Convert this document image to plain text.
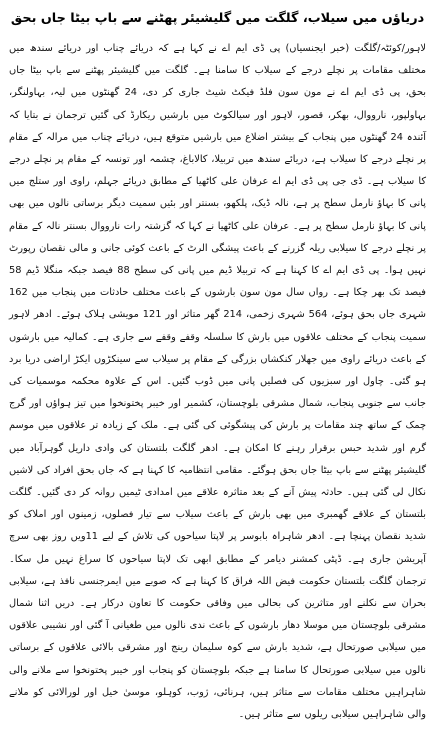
دریاؤں میں سیلاب، گلگت میں گلیشیئر پھٹنے سے باپ بیٹا جاں بحق

لاہور/کوئٹہ/گلگت (خبر ایجنسیاں) پی ڈی ایم اے نے کہا ہے کہ دریائے چناب اور دریائے سندھ میں مختلف مقامات پر نچلے درجے کے سیلاب کا سامنا ہے۔ گلگت میں گلیشیئر پھٹنے سے باپ بیٹا جاں بحق، پی ڈی ایم اے نے مون سون فلڈ فیکٹ شیٹ جاری کر دی، 24 گھنٹوں میں لیہ، بہاولنگر، بہاولپور، نارووال، بھکر، قصور، لاہور اور سیالکوٹ میں بارشیں ریکارڈ کی گئیں ترجمان نے بتایا کہ آئندہ 24 گھنٹوں میں پنجاب کے بیشتر اضلاع میں بارشیں متوقع ہیں، دریائے چناب میں مرالہ کے مقام پر نچلے درجے کا سیلاب ہے، دریائے سندھ میں تربیلا، کالاباغ، چشمہ اور تونسہ کے مقام پر نچلے درجے کا سیلاب ہے۔ ڈی جی پی ڈی ایم اے عرفان علی کاٹھیا کے مطابق دریائے جہلم، راوی اور ستلج میں پانی کا بہاؤ نارمل سطح پر ہے، نالہ ڈیک، پلکھو، بسنتر اور بئیں سمیت دیگر برساتی نالوں میں بھی پانی کا بہاؤ نارمل سطح پر ہے۔ عرفان علی کاٹھیا نے کہا کہ گزشتہ رات نارووال بسنتر نالہ کے مقام پر نچلے درجے کا سیلابی ریلہ گزرنے کے باعث پیشگی الرٹ کے باعث کوئی جانی و مالی نقصان رپورٹ نہیں ہوا۔ پی ڈی ایم اے کا کہنا ہے کہ تربیلا ڈیم میں پانی کی سطح 88 فیصد جبکہ منگلا ڈیم 58 فیصد تک بھر چکا ہے۔ رواں سال مون سون بارشوں کے باعث مختلف حادثات میں پنجاب میں 162 شہری جاں بحق ہوئے، 564 شہری زخمی، 214 گھر متاثر اور 121 مویشی ہلاک ہوئے۔ ادھر لاہور سمیت پنجاب کے مختلف علاقوں میں بارش کا سلسلہ وقفے وقفے سے جاری ہے۔ کمالیہ میں بارشوں کے باعث دریائے راوی میں جھلار کنکشاں بزرگی کے مقام پر سیلاب سے سینکڑوں ایکڑ اراضی دریا برد ہو گئی۔ چاول اور سبزیوں کی فصلیں پانی میں ڈوب گئیں۔ اس کے علاوہ محکمہ موسمیات کی جانب سے جنوبی پنجاب، شمال مشرقی بلوچستان، کشمیر اور خیبر پختونخوا میں تیز ہواؤں اور گرج چمک کے ساتھ چند مقامات پر بارش کی پیشگوئی کی گئی ہے۔ ملک کے زیادہ تر علاقوں میں موسم گرم اور شدید حبس برقرار رہنے کا امکان ہے۔ ادھر گلگت بلتستان کی وادی داریل گوہرآباد میں گلیشیئر پھٹنے سے باپ بیٹا جاں بحق ہوگئے۔ مقامی انتظامیہ کا کہنا ہے کہ جاں بحق افراد کی لاشیں نکال لی گئی ہیں۔ حادثہ پیش آنے کے بعد متاثرہ علاقے میں امدادی ٹیمیں روانہ کر دی گئیں۔ گلگت بلتستان کے علاقے گھمبری میں بھی بارش کے باعث سیلاب سے تیار فصلوں، زمینوں اور املاک کو شدید نقصان پہنچا ہے۔ ادھر شاہراہ بابوسر پر لاپتا سیاحوں کی تلاش کے لیے 11ویں روز بھی سرچ آپریشن جاری ہے۔ ڈپٹی کمشنر دیامر کے مطابق ابھی تک لاپتا سیاحوں کا سراغ نہیں مل سکا۔ ترجمان گلگت بلتستان حکومت فیض اللہ فراق کا کہنا ہے کہ صوبے میں ایمرجنسی نافذ ہے، سیلابی بحران سے نکلنے اور متاثرین کی بحالی میں وفاقی حکومت کا تعاون درکار ہے۔ دریں اثنا شمال مشرقی بلوچستان میں موسلا دھار بارشوں کے باعث ندی نالوں میں طغیانی آ گئی اور نشیبی علاقوں میں سیلابی صورتحال ہے، شدید بارش سے کوہ سلیمان رینج اور مشرقی بالائی علاقوں کے برساتی نالوں میں سیلابی صورتحال کا سامنا ہے جبکہ بلوچستان کو پنجاب اور خیبر پختونخوا سے ملانے والی شاہراہیں مختلف مقامات سے متاثر ہیں، ہرنائی، ژوب، کوہلو، موسیٰ خیل اور لورالائی کو ملانے والی شاہراہیں سیلابی ریلوں سے متاثر ہیں۔
